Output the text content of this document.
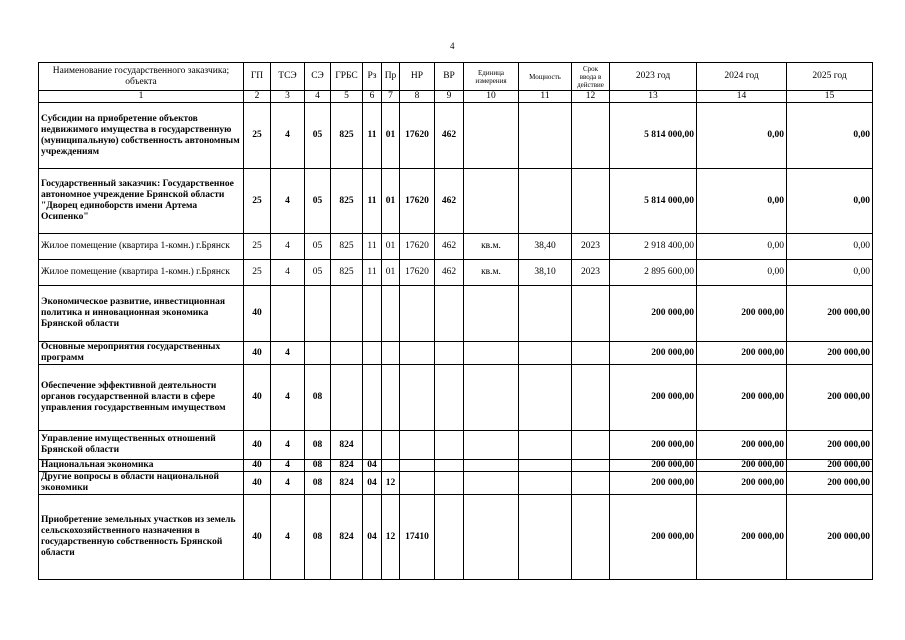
4
Наименование государственного заказчика; объекта	ГП	ТСЭ	СЭ	ГРБС	Рз	Пр	НР	ВР	Единица измерения	Мощность	Срок ввода в действие	2023 год	2024 год	2025 год
1	2	3	4	5	6	7	8	9	10	11	12	13	14	15
Субсидии на приобретение объектов недвижимого имущества в государственную (муниципальную) собственность автономным учреждениям	25	4	05	825	11	01	17620	462				5 814 000,00	0,00	0,00
Государственный заказчик: Государственное автономное учреждение Брянской области "Дворец единоборств имени Артема Осипенко"	25	4	05	825	11	01	17620	462				5 814 000,00	0,00	0,00
Жилое помещение (квартира 1-комн.) г.Брянск	25	4	05	825	11	01	17620	462	кв.м.	38,40	2023	2 918 400,00	0,00	0,00
Жилое помещение (квартира 1-комн.) г.Брянск	25	4	05	825	11	01	17620	462	кв.м.	38,10	2023	2 895 600,00	0,00	0,00
Экономическое развитие, инвестиционная политика и инновационная экономика Брянской области	40											200 000,00	200 000,00	200 000,00
Основные мероприятия государственных программ	40	4										200 000,00	200 000,00	200 000,00
Обеспечение эффективной деятельности органов государственной власти в сфере управления государственным имуществом	40	4	08									200 000,00	200 000,00	200 000,00
Управление имущественных отношений Брянской области	40	4	08	824								200 000,00	200 000,00	200 000,00
Национальная экономика	40	4	08	824	04							200 000,00	200 000,00	200 000,00
Другие вопросы в области национальной экономики	40	4	08	824	04	12						200 000,00	200 000,00	200 000,00
Приобретение земельных участков из земель сельскохозяйственного назначения в государственную собственность Брянской области	40	4	08	824	04	12	17410					200 000,00	200 000,00	200 000,00
